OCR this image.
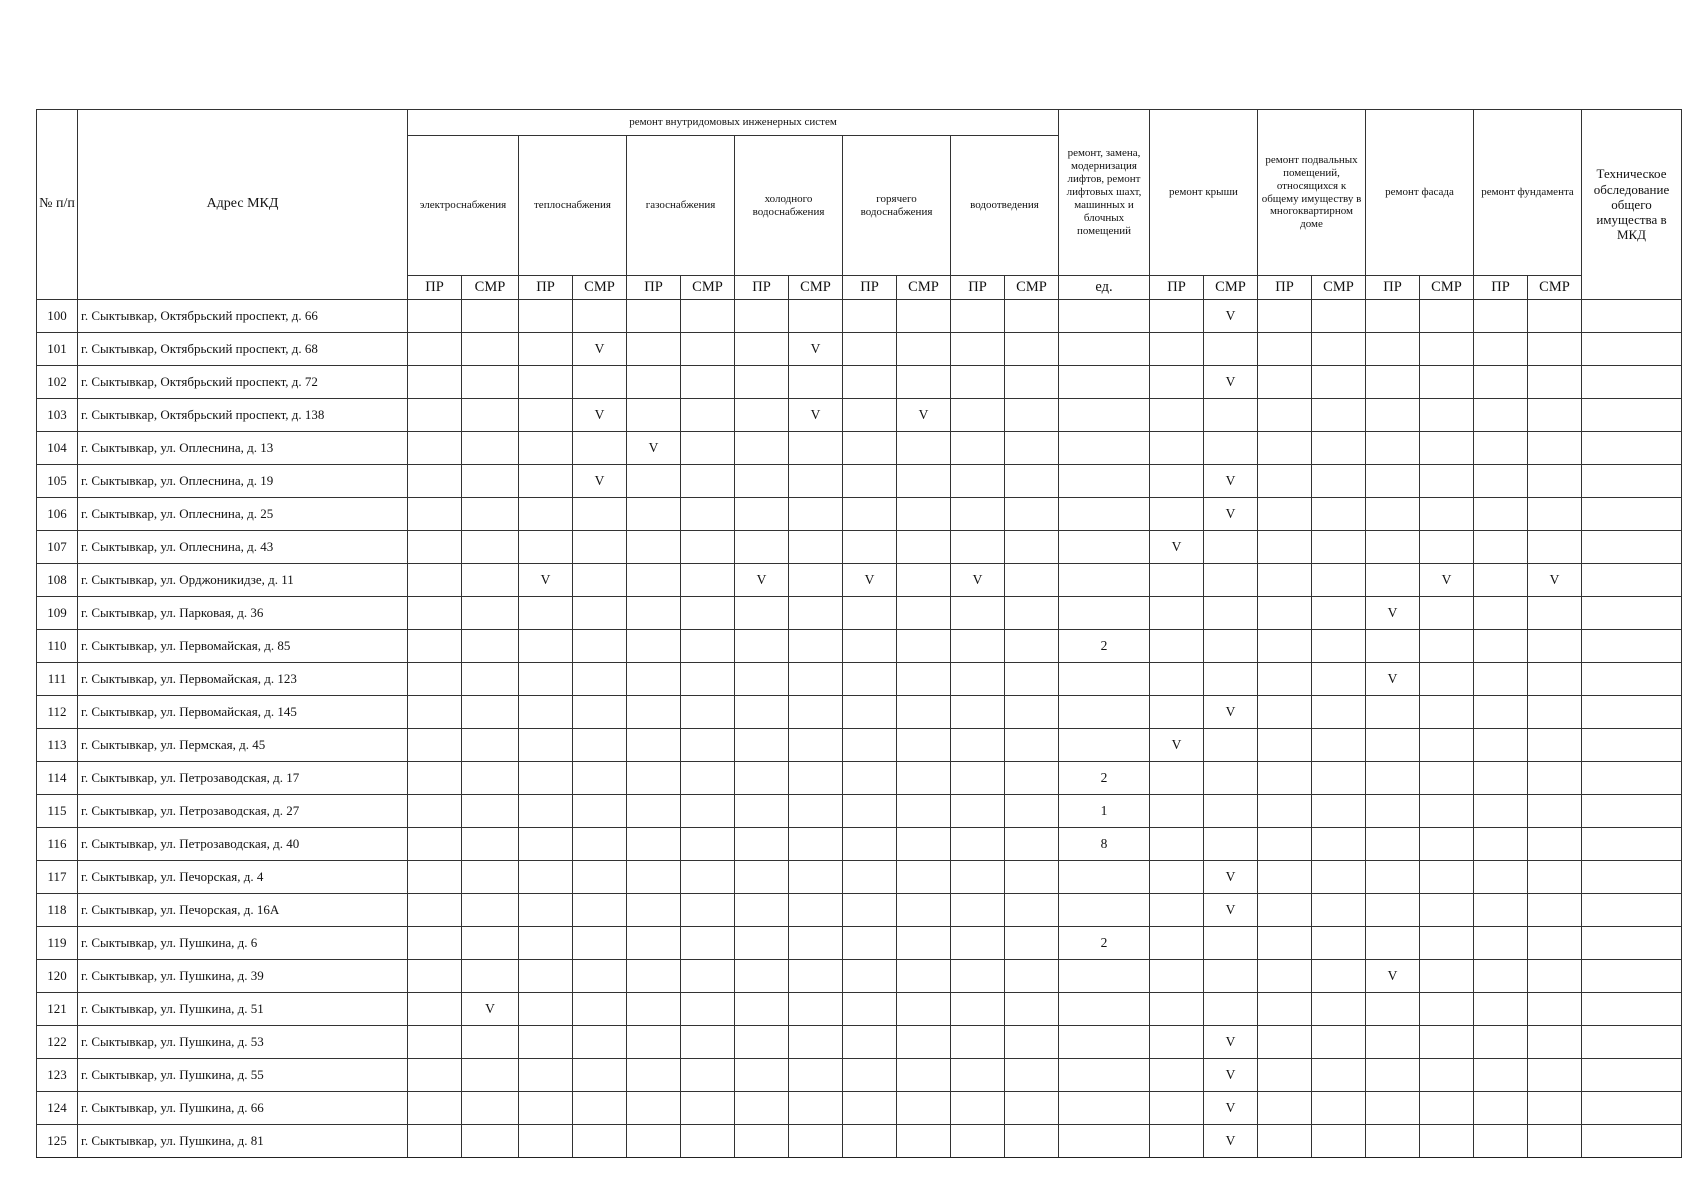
№ п/п	Адрес МКД	ремонт внутридомовых инженерных систем												ремонт, замена, модернизация лифтов, ремонт лифтовых шахт, машинных и блочных помещений	ремонт крыши		ремонт подвальных помещений, относящихся к общему имуществу в многоквартирном доме		ремонт фасада		ремонт фундамента		Техническое обследование общего имущества в МКД
		электроснабжения		теплоснабжения		газоснабжения		холодного водоснабжения		горячего водоснабжения		водоотведения											
		ПР	СМР	ПР	СМР	ПР	СМР	ПР	СМР	ПР	СМР	ПР	СМР	ед.	ПР	СМР	ПР	СМР	ПР	СМР	ПР	СМР	
100	г. Сыктывкар, Октябрьский проспект, д. 66															V							
101	г. Сыктывкар, Октябрьский проспект, д. 68				V				V														
102	г. Сыктывкар, Октябрьский проспект, д. 72															V							
103	г. Сыктывкар, Октябрьский проспект, д. 138				V				V		V												
104	г. Сыктывкар, ул. Оплеснина, д. 13					V																	
105	г. Сыктывкар, ул. Оплеснина, д. 19				V											V							
106	г. Сыктывкар, ул. Оплеснина, д. 25															V							
107	г. Сыктывкар, ул. Оплеснина, д. 43														V								
108	г. Сыктывкар, ул. Орджоникидзе, д. 11			V				V		V		V								V		V	
109	г. Сыктывкар, ул. Парковая, д. 36																		V				
110	г. Сыктывкар, ул. Первомайская, д. 85													2									
111	г. Сыктывкар, ул. Первомайская, д. 123																		V				
112	г. Сыктывкар, ул. Первомайская, д. 145															V							
113	г. Сыктывкар, ул. Пермская, д. 45														V								
114	г. Сыктывкар, ул. Петрозаводская, д. 17													2									
115	г. Сыктывкар, ул. Петрозаводская, д. 27													1									
116	г. Сыктывкар, ул. Петрозаводская, д. 40													8									
117	г. Сыктывкар, ул. Печорская, д. 4															V							
118	г. Сыктывкар, ул. Печорская, д. 16А															V							
119	г. Сыктывкар, ул. Пушкина, д. 6													2									
120	г. Сыктывкар, ул. Пушкина, д. 39																		V				
121	г. Сыктывкар, ул. Пушкина, д. 51		V																				
122	г. Сыктывкар, ул. Пушкина, д. 53															V							
123	г. Сыктывкар, ул. Пушкина, д. 55															V							
124	г. Сыктывкар, ул. Пушкина, д. 66															V							
125	г. Сыктывкар, ул. Пушкина, д. 81															V							
